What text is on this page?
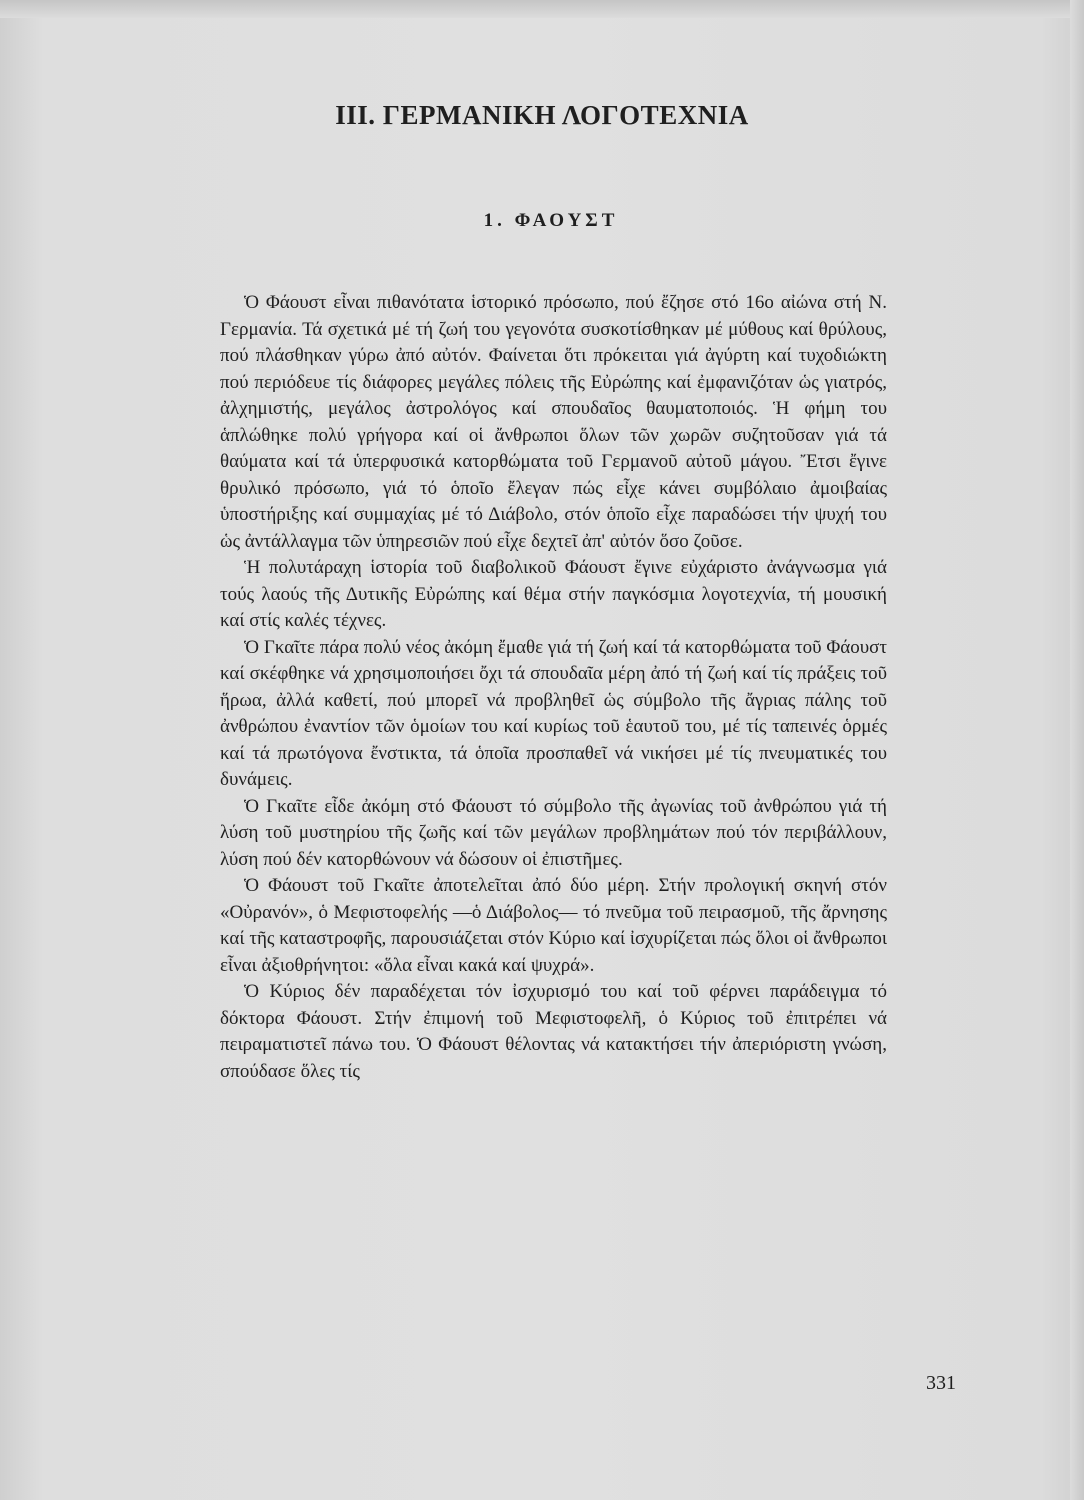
III. ΓΕΡΜΑΝΙΚΗ ΛΟΓΟΤΕΧΝΙΑ
1. ΦΑΟΥΣΤ

Ὁ Φάουστ εἶναι πιθανότατα ἱστορικό πρόσωπο, πού ἔζησε στό 16ο αἰώνα στή Ν. Γερμανία. Τά σχετικά μέ τή ζωή του γεγονότα συσκοτίσθηκαν μέ μύθους καί θρύλους, πού πλάσθηκαν γύρω ἀπό αὐτόν. Φαίνεται ὅτι πρόκειται γιά ἀγύρτη καί τυχοδιώκτη πού περιόδευε τίς διάφορες μεγάλες πόλεις τῆς Εὐρώπης καί ἐμφανιζόταν ὡς γιατρός, ἀλχημιστής, μεγάλος ἀστρολόγος καί σπουδαῖος θαυματοποιός. Ἡ φήμη του ἁπλώθηκε πολύ γρήγορα καί οἱ ἄνθρωποι ὅλων τῶν χωρῶν συζητοῦσαν γιά τά θαύματα καί τά ὑπερφυσικά κατορθώματα τοῦ Γερμανοῦ αὐτοῦ μάγου. Ἔτσι ἔγινε θρυλικό πρόσωπο, γιά τό ὁποῖο ἔλεγαν πώς εἶχε κάνει συμβόλαιο ἀμοιβαίας ὑποστήριξης καί συμμαχίας μέ τό Διάβολο, στόν ὁποῖο εἶχε παραδώσει τήν ψυχή του ὡς ἀντάλλαγμα τῶν ὑπηρεσιῶν πού εἶχε δεχτεῖ ἀπ' αὐτόν ὅσο ζοῦσε.

Ἡ πολυτάραχη ἱστορία τοῦ διαβολικοῦ Φάουστ ἔγινε εὐχάριστο ἀνάγνωσμα γιά τούς λαούς τῆς Δυτικῆς Εὐρώπης καί θέμα στήν παγκόσμια λογοτεχνία, τή μουσική καί στίς καλές τέχνες.

Ὁ Γκαῖτε πάρα πολύ νέος ἀκόμη ἔμαθε γιά τή ζωή καί τά κατορθώματα τοῦ Φάουστ καί σκέφθηκε νά χρησιμοποιήσει ὄχι τά σπουδαῖα μέρη ἀπό τή ζωή καί τίς πράξεις τοῦ ἥρωα, ἀλλά καθετί, πού μπορεῖ νά προβληθεῖ ὡς σύμβολο τῆς ἄγριας πάλης τοῦ ἀνθρώπου ἐναντίον τῶν ὁμοίων του καί κυρίως τοῦ ἑαυτοῦ του, μέ τίς ταπεινές ὁρμές καί τά πρωτόγονα ἔνστικτα, τά ὁποῖα προσπαθεῖ νά νικήσει μέ τίς πνευματικές του δυνάμεις.

Ὁ Γκαῖτε εἶδε ἀκόμη στό Φάουστ τό σύμβολο τῆς ἀγωνίας τοῦ ἀνθρώπου γιά τή λύση τοῦ μυστηρίου τῆς ζωῆς καί τῶν μεγάλων προβλημάτων πού τόν περιβάλλουν, λύση πού δέν κατορθώνουν νά δώσουν οἱ ἐπιστῆμες.

Ὁ Φάουστ τοῦ Γκαῖτε ἀποτελεῖται ἀπό δύο μέρη. Στήν προλογική σκηνή στόν «Οὐρανόν», ὁ Μεφιστοφελής —ὁ Διάβολος— τό πνεῦμα τοῦ πειρασμοῦ, τῆς ἄρνησης καί τῆς καταστροφῆς, παρουσιάζεται στόν Κύριο καί ἰσχυρίζεται πώς ὅλοι οἱ ἄνθρωποι εἶναι ἀξιοθρήνητοι: «ὅλα εἶναι κακά καί ψυχρά».

Ὁ Κύριος δέν παραδέχεται τόν ἰσχυρισμό του καί τοῦ φέρνει παράδειγμα τό δόκτορα Φάουστ. Στήν ἐπιμονή τοῦ Μεφιστοφελῆ, ὁ Κύριος τοῦ ἐπιτρέπει νά πειραματιστεῖ πάνω του. Ὁ Φάουστ θέλοντας νά κατακτήσει τήν ἀπεριόριστη γνώση, σπούδασε ὅλες τίς

331
